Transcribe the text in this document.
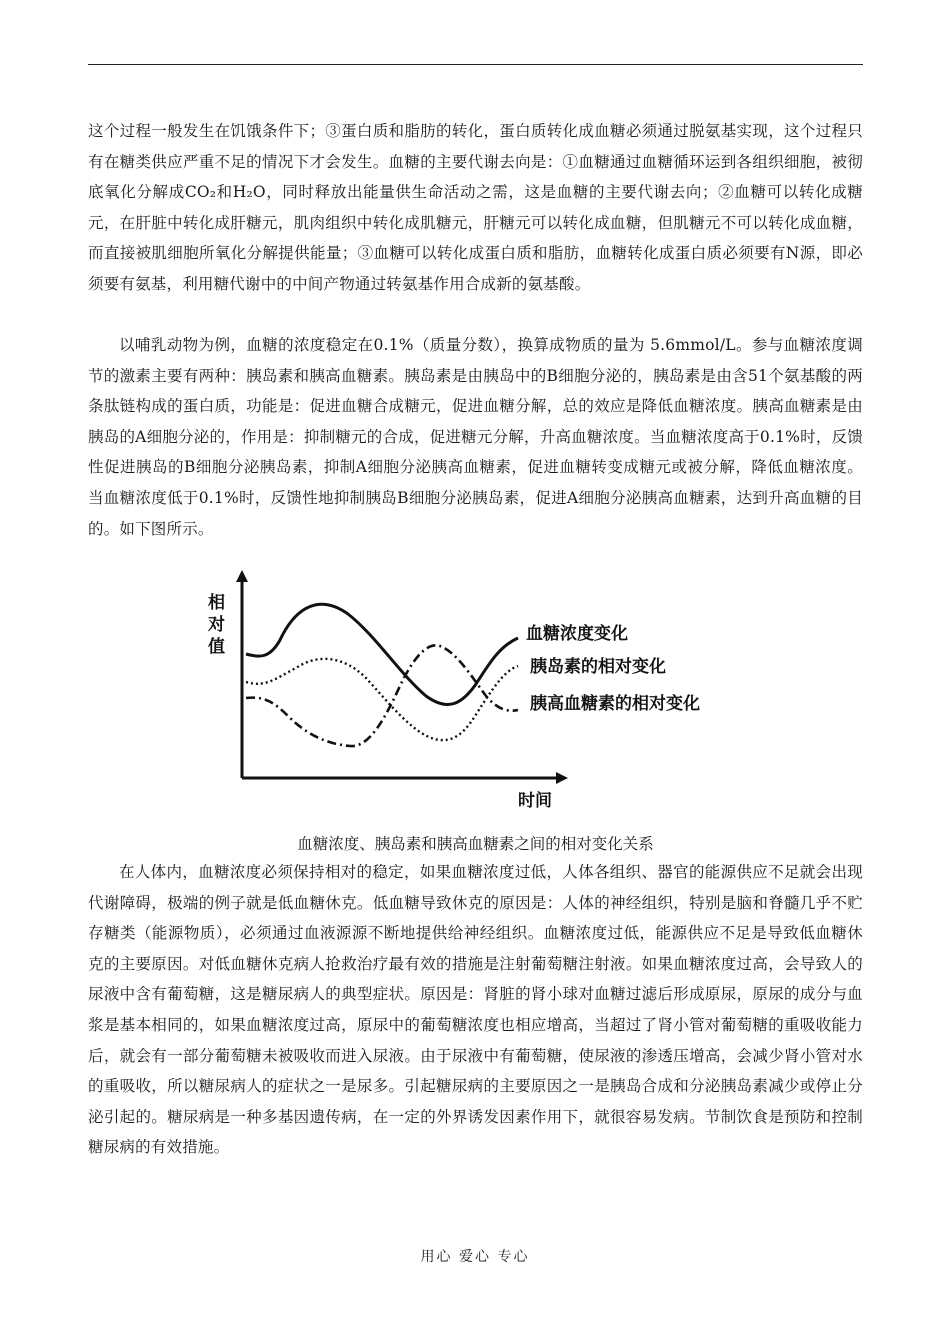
这个过程一般发生在饥饿条件下；③蛋白质和脂肪的转化，蛋白质转化成血糖必须通过脱氨基实现，这个过程只有在糖类供应严重不足的情况下才会发生。血糖的主要代谢去向是：①血糖通过血糖循环运到各组织细胞，被彻底氧化分解成CO₂和H₂O，同时释放出能量供生命活动之需，这是血糖的主要代谢去向；②血糖可以转化成糖元，在肝脏中转化成肝糖元，肌肉组织中转化成肌糖元，肝糖元可以转化成血糖，但肌糖元不可以转化成血糖，而直接被肌细胞所氧化分解提供能量；③血糖可以转化成蛋白质和脂肪，血糖转化成蛋白质必须要有N源，即必须要有氨基，利用糖代谢中的中间产物通过转氨基作用合成新的氨基酸。

以哺乳动物为例，血糖的浓度稳定在0.1%（质量分数），换算成物质的量为 5.6mmol/L。参与血糖浓度调节的激素主要有两种：胰岛素和胰高血糖素。胰岛素是由胰岛中的B细胞分泌的，胰岛素是由含51个氨基酸的两条肽链构成的蛋白质，功能是：促进血糖合成糖元，促进血糖分解，总的效应是降低血糖浓度。胰高血糖素是由胰岛的A细胞分泌的，作用是：抑制糖元的合成，促进糖元分解，升高血糖浓度。当血糖浓度高于0.1%时，反馈性促进胰岛的B细胞分泌胰岛素，抑制A细胞分泌胰高血糖素，促进血糖转变成糖元或被分解，降低血糖浓度。当血糖浓度低于0.1%时，反馈性地抑制胰岛B细胞分泌胰岛素，促进A细胞分泌胰高血糖素，达到升高血糖的目的。如下图所示。

相
对
值
时间
血糖浓度变化
胰岛素的相对变化
胰高血糖素的相对变化
血糖浓度、胰岛素和胰高血糖素之间的相对变化关系

在人体内，血糖浓度必须保持相对的稳定，如果血糖浓度过低，人体各组织、器官的能源供应不足就会出现代谢障碍，极端的例子就是低血糖休克。低血糖导致休克的原因是：人体的神经组织，特别是脑和脊髓几乎不贮存糖类（能源物质），必须通过血液源源不断地提供给神经组织。血糖浓度过低，能源供应不足是导致低血糖休克的主要原因。对低血糖休克病人抢救治疗最有效的措施是注射葡萄糖注射液。如果血糖浓度过高，会导致人的尿液中含有葡萄糖，这是糖尿病人的典型症状。原因是：肾脏的肾小球对血糖过滤后形成原尿，原尿的成分与血浆是基本相同的，如果血糖浓度过高，原尿中的葡萄糖浓度也相应增高，当超过了肾小管对葡萄糖的重吸收能力后，就会有一部分葡萄糖未被吸收而进入尿液。由于尿液中有葡萄糖，使尿液的渗透压增高，会减少肾小管对水的重吸收，所以糖尿病人的症状之一是尿多。引起糖尿病的主要原因之一是胰岛合成和分泌胰岛素减少或停止分泌引起的。糖尿病是一种多基因遗传病，在一定的外界诱发因素作用下，就很容易发病。节制饮食是预防和控制糖尿病的有效措施。

用心 爱心 专心
